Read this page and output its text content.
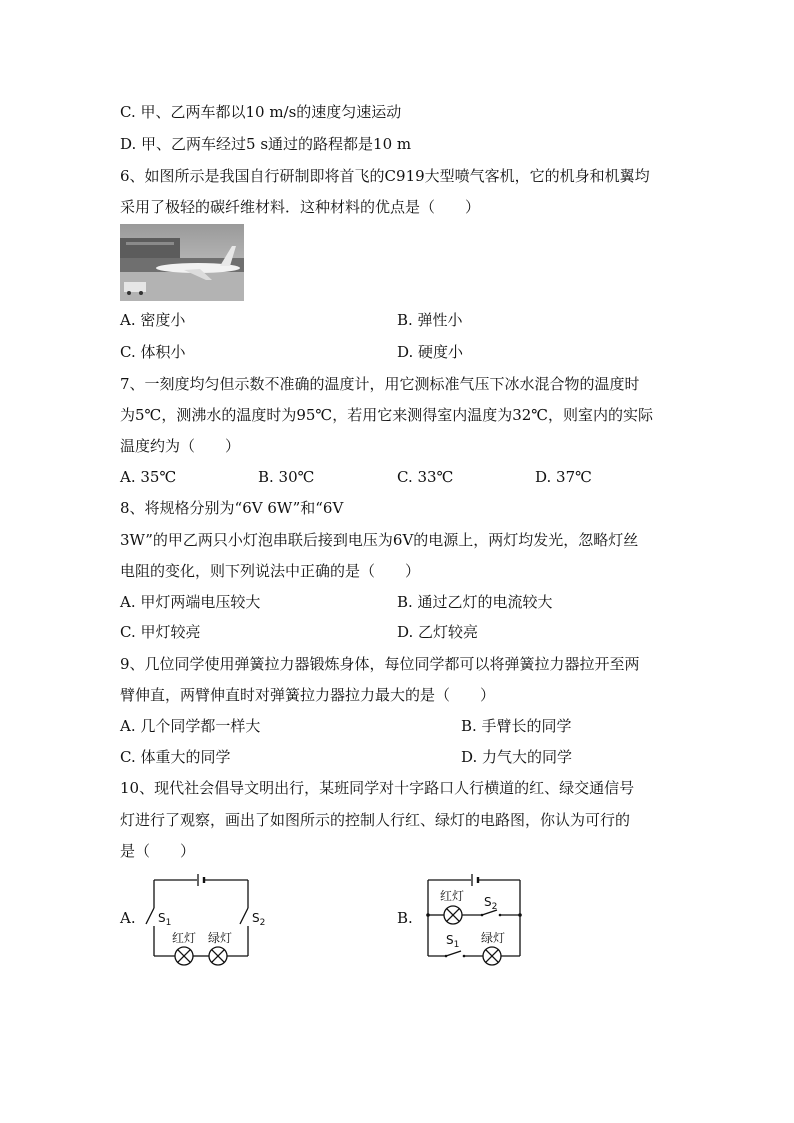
C. 甲、乙两车都以10 m/s的速度匀速运动
D. 甲、乙两车经过5 s通过的路程都是10 m
6、如图所示是我国自行研制即将首飞的C919大型喷气客机，它的机身和机翼均
采用了极轻的碳纤维材料．这种材料的优点是（　　）
A. 密度小	B. 弹性小
C. 体积小	D. 硬度小
7、一刻度均匀但示数不准确的温度计，用它测标准气压下冰水混合物的温度时
为5℃，测沸水的温度时为95℃，若用它来测得室内温度为32℃，则室内的实际
温度约为（　　）
A. 35℃	B. 30℃	C. 33℃	D. 37℃
8、将规格分别为“6V 6W”和“6V
3W”的甲乙两只小灯泡串联后接到电压为6V的电源上，两灯均发光，忽略灯丝
电阻的变化，则下列说法中正确的是（　　）
A. 甲灯两端电压较大	B. 通过乙灯的电流较大
C. 甲灯较亮	D. 乙灯较亮
9、几位同学使用弹簧拉力器锻炼身体，每位同学都可以将弹簧拉力器拉开至两
臂伸直，两臂伸直时对弹簧拉力器拉力最大的是（　　）
A. 几个同学都一样大	B. 手臂长的同学
C. 体重大的同学	D. 力气大的同学
10、现代社会倡导文明出行，某班同学对十字路口人行横道的红、绿交通信号
灯进行了观察，画出了如图所示的控制人行红、绿灯的电路图，你认为可行的
是（　　）
A. $S_1$	$S_2$
红灯 绿灯
B.
红灯 $S_2$
$S_1$ 绿灯
